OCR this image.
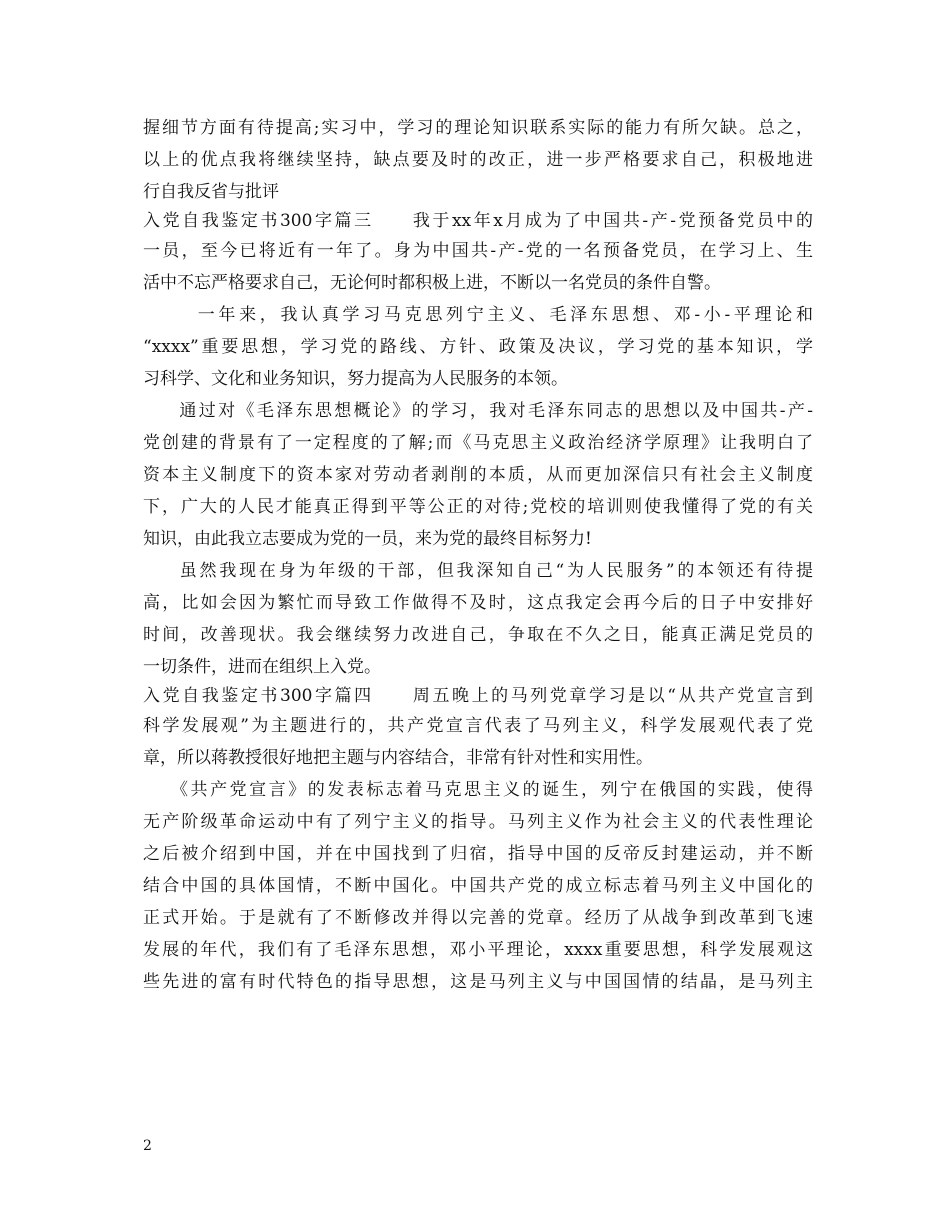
握细节方面有待提高;实习中，学习的理论知识联系实际的能力有所欠缺。总之，
以上的优点我将继续坚持，缺点要及时的改正，进一步严格要求自己，积极地进
行自我反省与批评
入党自我鉴定书300字篇三　　我于xx年x月成为了中国共-产-党预备党员中的
一员，至今已将近有一年了。身为中国共-产-党的一名预备党员，在学习上、生
活中不忘严格要求自己，无论何时都积极上进，不断以一名党员的条件自警。
　一年来，我认真学习马克思列宁主义、毛泽东思想、邓-小-平理论和
“xxxx”重要思想，学习党的路线、方针、政策及决议，学习党的基本知识，学
习科学、文化和业务知识，努力提高为人民服务的本领。
　通过对《毛泽东思想概论》的学习，我对毛泽东同志的思想以及中国共-产-
党创建的背景有了一定程度的了解;而《马克思主义政治经济学原理》让我明白了
资本主义制度下的资本家对劳动者剥削的本质，从而更加深信只有社会主义制度
下，广大的人民才能真正得到平等公正的对待;党校的培训则使我懂得了党的有关
知识，由此我立志要成为党的一员，来为党的最终目标努力!
　虽然我现在身为年级的干部，但我深知自己“为人民服务”的本领还有待提
高，比如会因为繁忙而导致工作做得不及时，这点我定会再今后的日子中安排好
时间，改善现状。我会继续努力改进自己，争取在不久之日，能真正满足党员的
一切条件，进而在组织上入党。
入党自我鉴定书300字篇四　　周五晚上的马列党章学习是以“从共产党宣言到
科学发展观”为主题进行的，共产党宣言代表了马列主义，科学发展观代表了党
章，所以蒋教授很好地把主题与内容结合，非常有针对性和实用性。
　《共产党宣言》的发表标志着马克思主义的诞生，列宁在俄国的实践，使得
无产阶级革命运动中有了列宁主义的指导。马列主义作为社会主义的代表性理论
之后被介绍到中国，并在中国找到了归宿，指导中国的反帝反封建运动，并不断
结合中国的具体国情，不断中国化。中国共产党的成立标志着马列主义中国化的
正式开始。于是就有了不断修改并得以完善的党章。经历了从战争到改革到飞速
发展的年代，我们有了毛泽东思想，邓小平理论，xxxx重要思想，科学发展观这
些先进的富有时代特色的指导思想，这是马列主义与中国国情的结晶，是马列主
2
